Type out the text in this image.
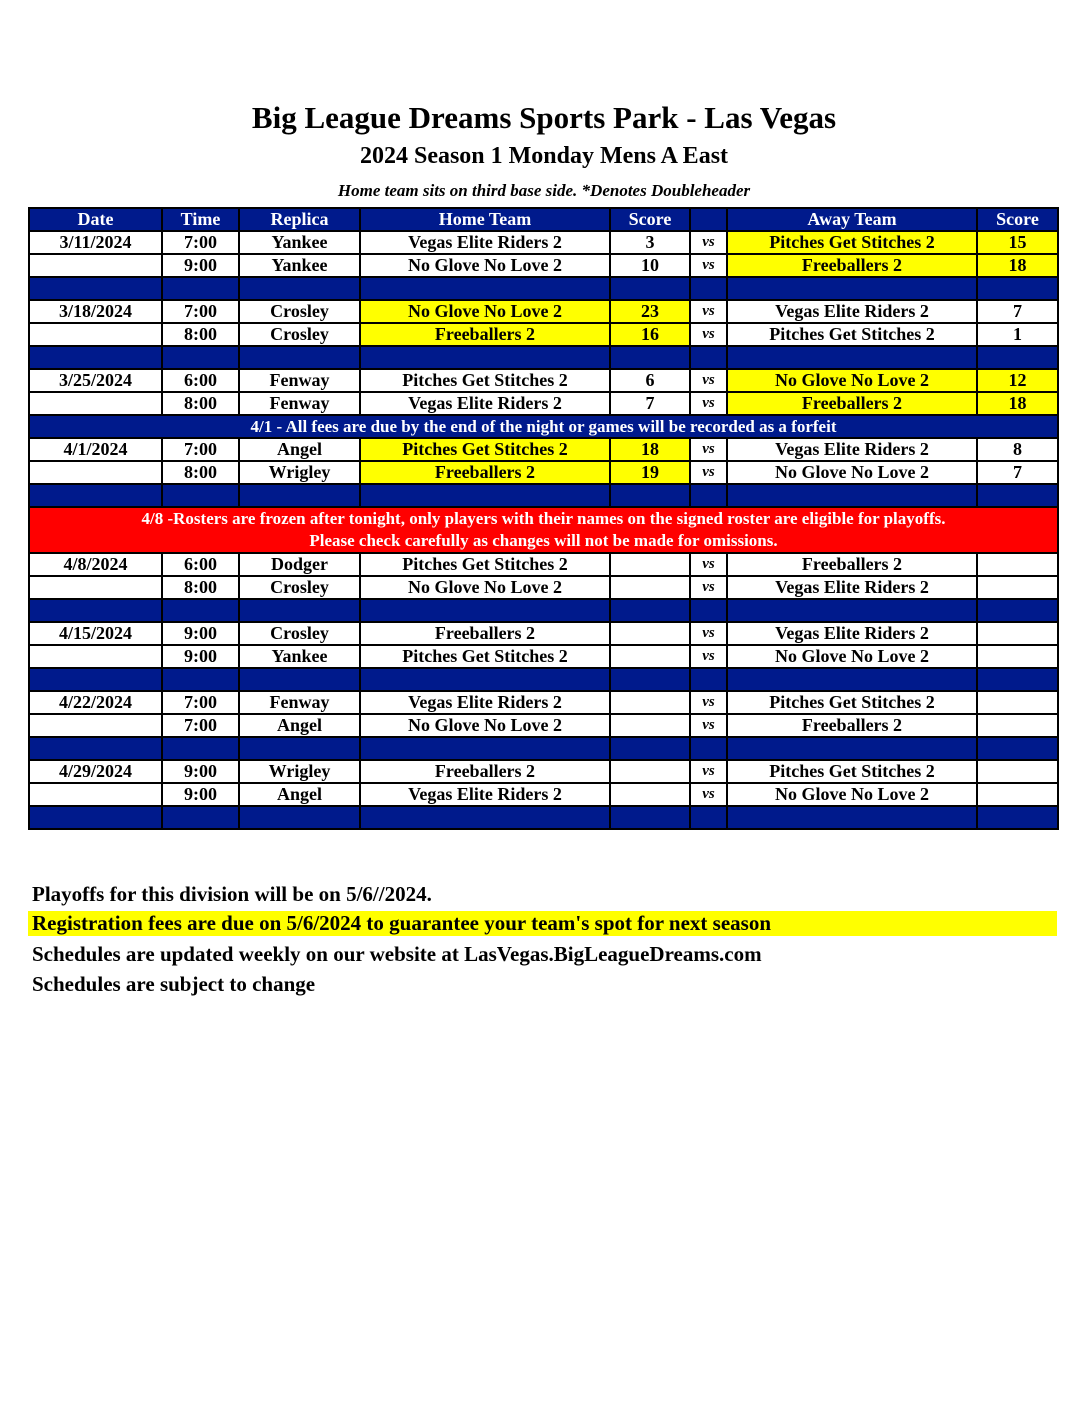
Big League Dreams Sports Park - Las Vegas
2024 Season 1 Monday Mens A East
Home team sits on third base side. *Denotes Doubleheader
Date	Time	Replica	Home Team	Score		Away Team	Score
3/11/2024	7:00	Yankee	Vegas Elite Riders 2	3	vs	Pitches Get Stitches 2	15
	9:00	Yankee	No Glove No Love 2	10	vs	Freeballers 2	18

3/18/2024	7:00	Crosley	No Glove No Love 2	23	vs	Vegas Elite Riders 2	7
	8:00	Crosley	Freeballers 2	16	vs	Pitches Get Stitches 2	1

3/25/2024	6:00	Fenway	Pitches Get Stitches 2	6	vs	No Glove No Love 2	12
	8:00	Fenway	Vegas Elite Riders 2	7	vs	Freeballers 2	18
4/1 - All fees are due by the end of the night or games will be recorded as a forfeit							
4/1/2024	7:00	Angel	Pitches Get Stitches 2	18	vs	Vegas Elite Riders 2	8
	8:00	Wrigley	Freeballers 2	19	vs	No Glove No Love 2	7

4/8 -Rosters are frozen after tonight, only players with their names on the signed roster are eligible for playoffs.
Please check carefully as changes will not be made for omissions.							

4/8/2024	6:00	Dodger	Pitches Get Stitches 2		vs	Freeballers 2	
	8:00	Crosley	No Glove No Love 2		vs	Vegas Elite Riders 2	

4/15/2024	9:00	Crosley	Freeballers 2		vs	Vegas Elite Riders 2	
	9:00	Yankee	Pitches Get Stitches 2		vs	No Glove No Love 2	

4/22/2024	7:00	Fenway	Vegas Elite Riders 2		vs	Pitches Get Stitches 2	
	7:00	Angel	No Glove No Love 2		vs	Freeballers 2	

4/29/2024	9:00	Wrigley	Freeballers 2		vs	Pitches Get Stitches 2	
	9:00	Angel	Vegas Elite Riders 2		vs	No Glove No Love 2	

Playoffs for this division will be on 5/6//2024.
Registration fees are due on 5/6/2024 to guarantee your team's spot for next season
Schedules are updated weekly on our website at LasVegas.BigLeagueDreams.com
Schedules are subject to change
